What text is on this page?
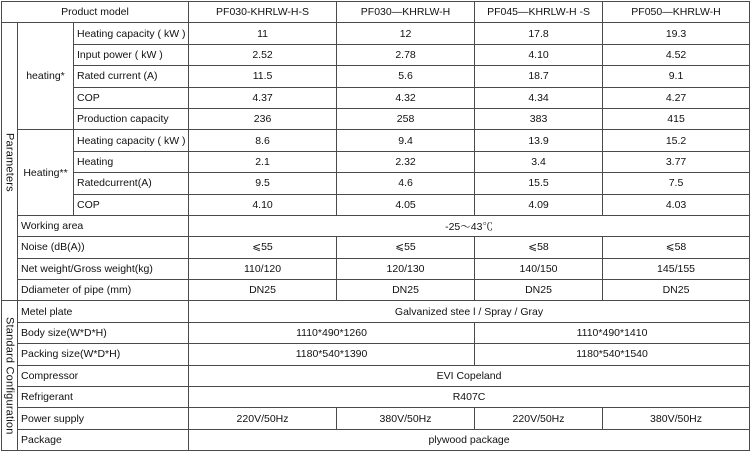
Product model			PF030-KHRLW-H-S	PF030—KHRLW-H	PF045—KHRLW-H -S	PF050—KHRLW-H
Parameters	heating*	Heating capacity ( kW )	11	12	17.8	19.3
		Input power ( kW )	2.52	2.78	4.10	4.52
		Rated current (A)	11.5	5.6	18.7	9.1
		COP	4.37	4.32	4.34	4.27
		Production capacity	236	258	383	415
	Heating**	Heating capacity ( kW )	8.6	9.4	13.9	15.2
		Heating	2.1	2.32	3.4	3.77
		Ratedcurrent(A)	9.5	4.6	15.5	7.5
		COP	4.10	4.05	4.09	4.03
	Working area		-25～43℃			
	Noise (dB(A))		⩽55	⩽55	⩽58	⩽58
	Net weight/Gross weight(kg)		110/120	120/130	140/150	145/155
	Ddiameter of pipe (mm)		DN25	DN25	DN25	DN25
Standard Configuration	Metel plate		Galvanized stee l / Spray / Gray			
	Body size(W*D*H)		1110*490*1260		1110*490*1410	
	Packing size(W*D*H)		1180*540*1390		1180*540*1540	
	Compressor		EVI Copeland			
	Refrigerant		R407C			
	Power supply		220V/50Hz	380V/50Hz	220V/50Hz	380V/50Hz
	Package		plywood package			
